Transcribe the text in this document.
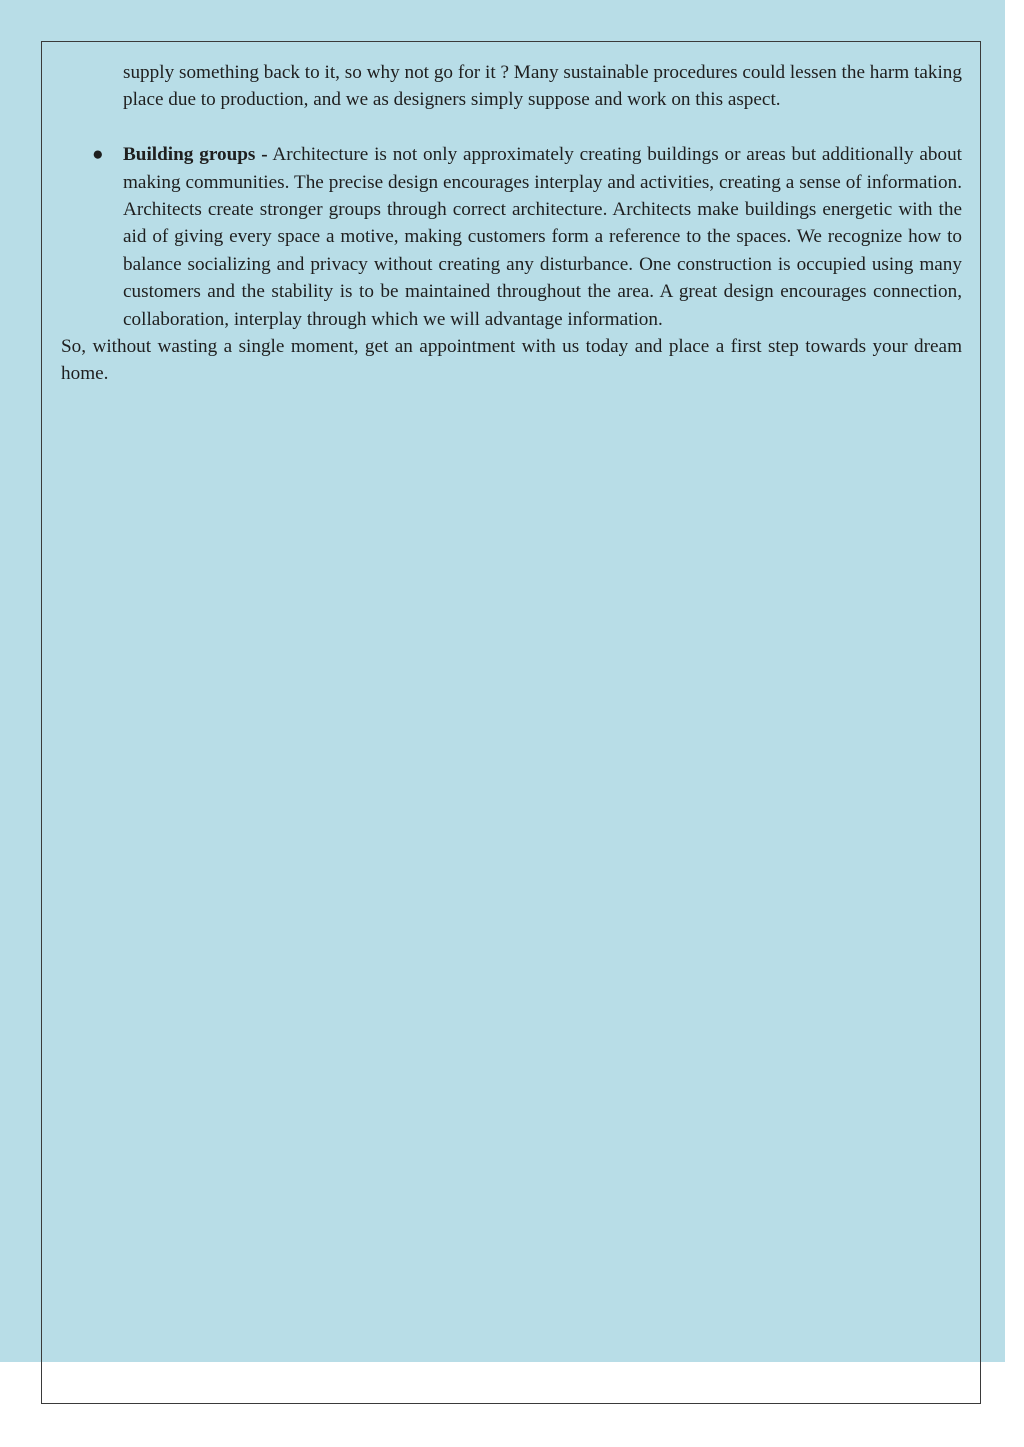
supply something back to it, so why not go for it ? Many sustainable procedures could lessen the harm taking place due to production, and we as designers simply suppose and work on this aspect.

● Building groups - Architecture is not only approximately creating buildings or areas but additionally about making communities. The precise design encourages interplay and activities, creating a sense of information. Architects create stronger groups through correct architecture. Architects make buildings energetic with the aid of giving every space a motive, making customers form a reference to the spaces. We recognize how to balance socializing and privacy without creating any disturbance. One construction is occupied using many customers and the stability is to be maintained throughout the area. A great design encourages connection, collaboration, interplay through which we will advantage information.

So, without wasting a single moment, get an appointment with us today and place a first step towards your dream home.
